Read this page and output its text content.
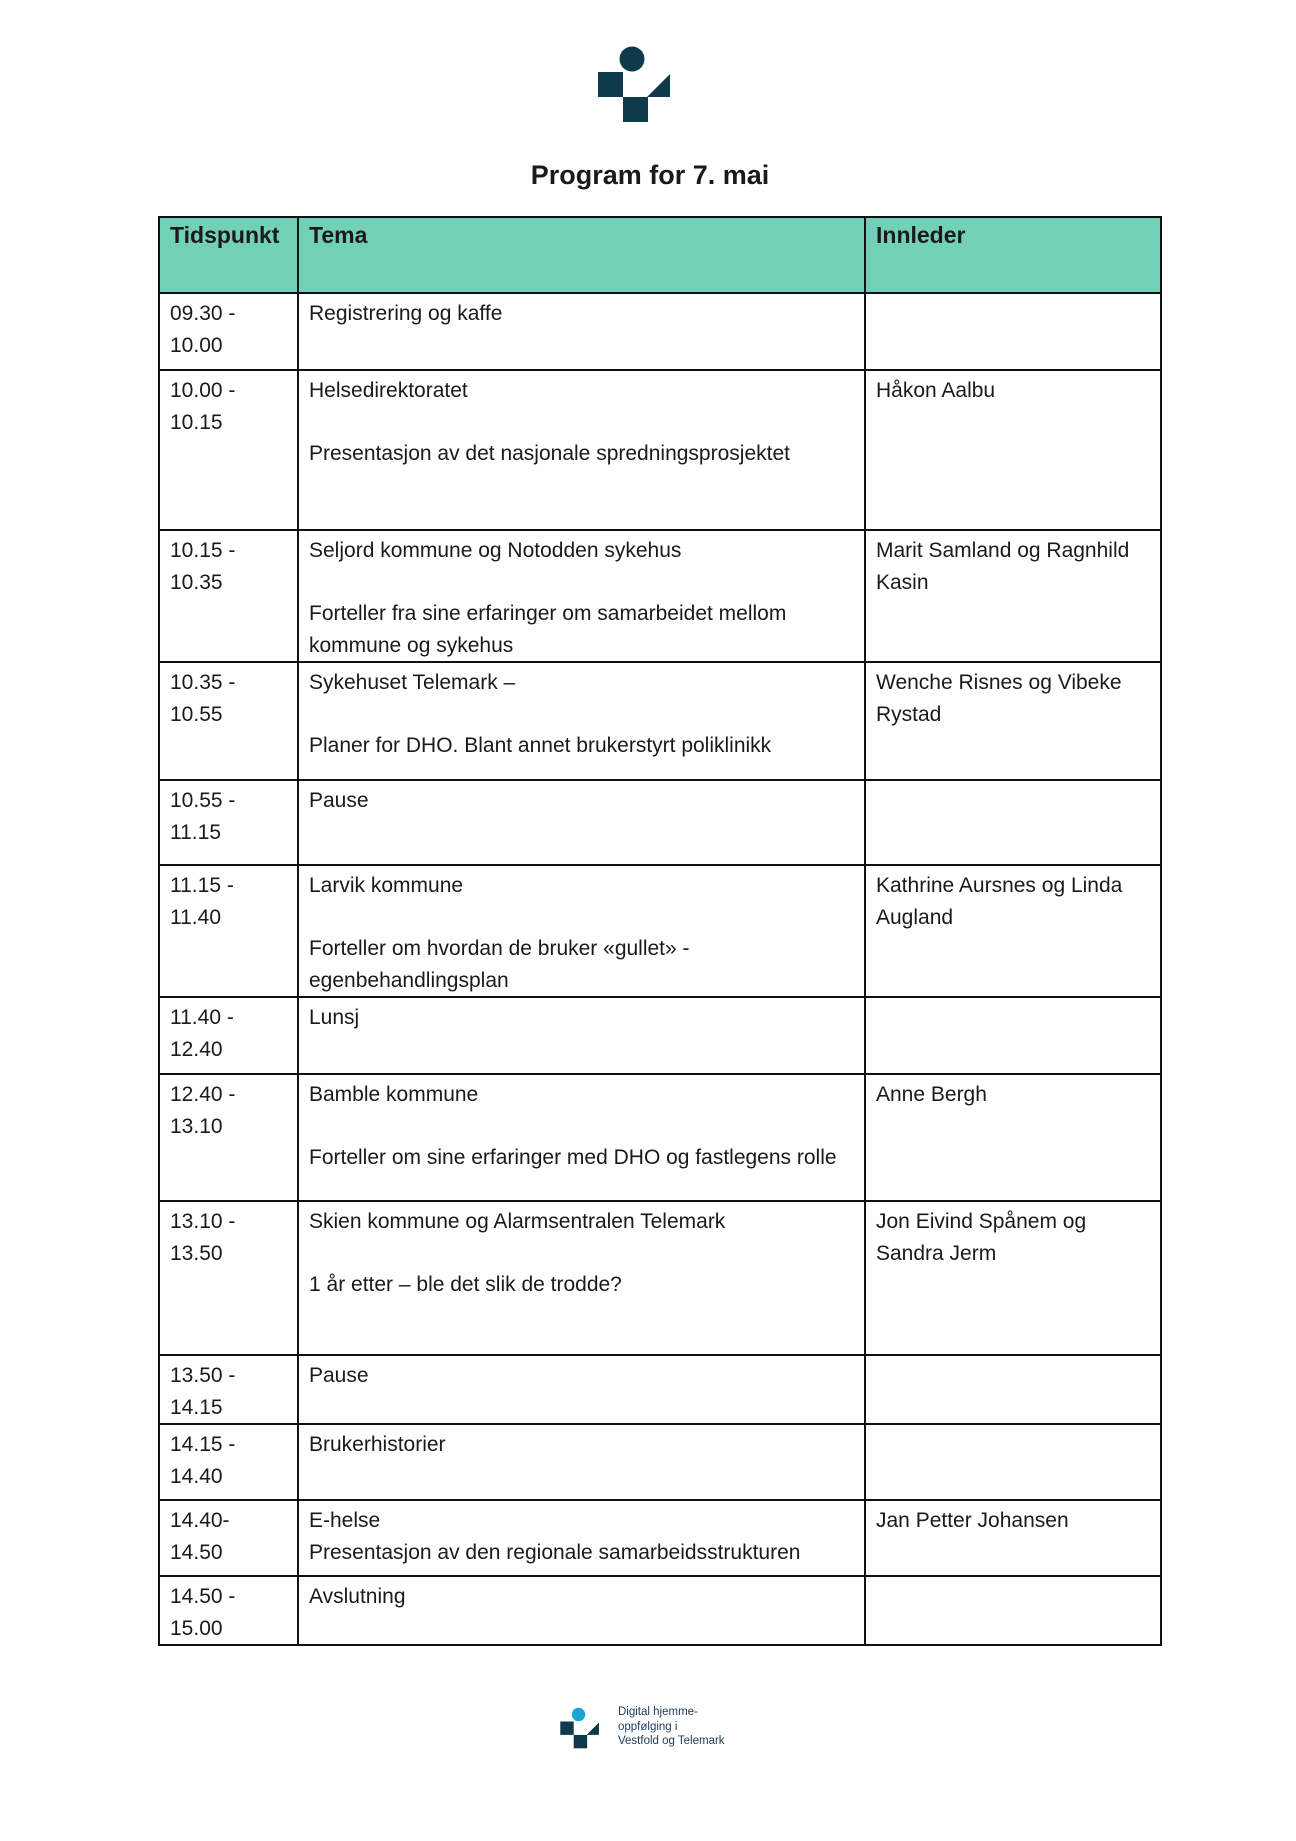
Program for 7. mai
Tidspunkt	Tema	Innleder

09.30 -
10.00	Registrering og kaffe	

10.00 -
10.15	Helsedirektoratet
Presentasjon av det nasjonale spredningsprosjektet	Håkon Aalbu

10.15 -
10.35	Seljord kommune og Notodden sykehus
Forteller fra sine erfaringer om samarbeidet mellom kommune og sykehus	Marit Samland og Ragnhild Kasin

10.35 -
10.55	Sykehuset Telemark –
Planer for DHO. Blant annet brukerstyrt poliklinikk	Wenche Risnes og Vibeke Rystad

10.55 -
11.15	Pause	

11.15 -
11.40	Larvik kommune
Forteller om hvordan de bruker «gullet» - egenbehandlingsplan	Kathrine Aursnes og Linda Augland

11.40 -
12.40	Lunsj	

12.40 -
13.10	Bamble kommune
Forteller om sine erfaringer med DHO og fastlegens rolle	Anne Bergh

13.10 -
13.50	Skien kommune og Alarmsentralen Telemark
1 år etter – ble det slik de trodde?	Jon Eivind Spånem og Sandra Jerm

13.50 -
14.15	Pause	

14.15 -
14.40	Brukerhistorier	

14.40-
14.50	E-helse
Presentasjon av den regionale samarbeidsstrukturen	Jan Petter Johansen

14.50 -
15.00	Avslutning	

Digital hjemme-
oppfølging i
Vestfold og Telemark
